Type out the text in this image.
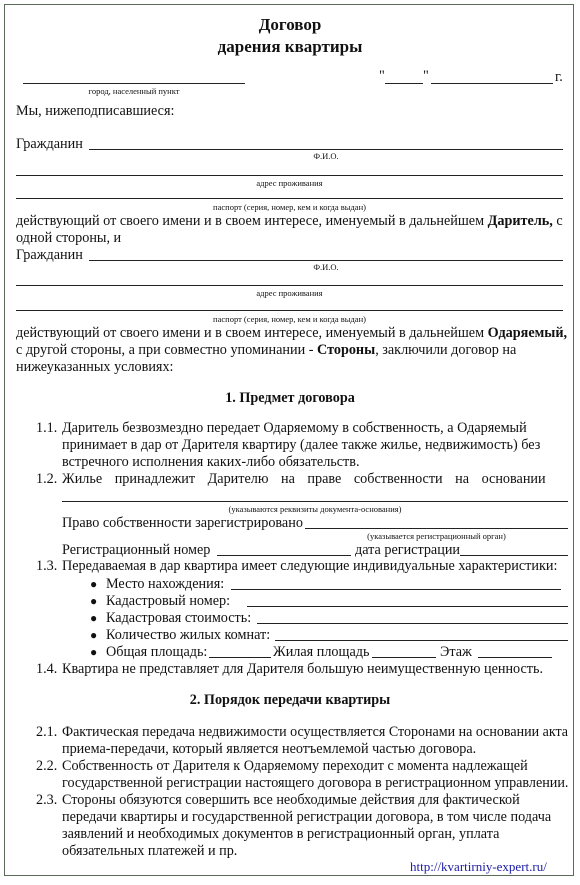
Договор
дарения квартиры
город, населенный пункт
"	"	г.
Мы, нижеподписавшиеся:
Гражданин
Ф.И.О.
адрес проживания
паспорт (серия, номер, кем и когда выдан)
действующий от своего имени и в своем интересе, именуемый в дальнейшем Даритель, с
одной стороны, и
Гражданин
Ф.И.О.
адрес проживания
паспорт (серия, номер, кем и когда выдан)
действующий от своего имени и в своем интересе, именуемый в дальнейшем Одаряемый,
с другой стороны, а при совместно упоминании - Стороны, заключили договор на
нижеуказанных условиях:
1. Предмет договора
1.1. Даритель безвозмездно передает Одаряемому в собственность, а Одаряемый
принимает в дар от Дарителя квартиру (далее также жилье, недвижимость) без
встречного исполнения каких-либо обязательств.
1.2. Жилье принадлежит Дарителю на праве собственности на основании
(указываются реквизиты документа-основания)
Право собственности зарегистрировано
(указывается регистрационный орган)
Регистрационный номер	дата регистрации
1.3. Передаваемая в дар квартира имеет следующие индивидуальные характеристики:
● Место нахождения:
● Кадастровый номер:
● Кадастровая стоимость:
● Количество жилых комнат:
● Общая площадь:	Жилая площадь	Этаж
1.4. Квартира не представляет для Дарителя большую неимущественную ценность.
2. Порядок передачи квартиры
2.1. Фактическая передача недвижимости осуществляется Сторонами на основании акта
приема-передачи, который является неотъемлемой частью договора.
2.2. Собственность от Дарителя к Одаряемому переходит с момента надлежащей
государственной регистрации настоящего договора в регистрационном управлении.
2.3. Стороны обязуются совершить все необходимые действия для фактической
передачи квартиры и государственной регистрации договора, в том числе подача
заявлений и необходимых документов в регистрационный орган, уплата
обязательных платежей и пр.
http://kvartirniy-expert.ru/
